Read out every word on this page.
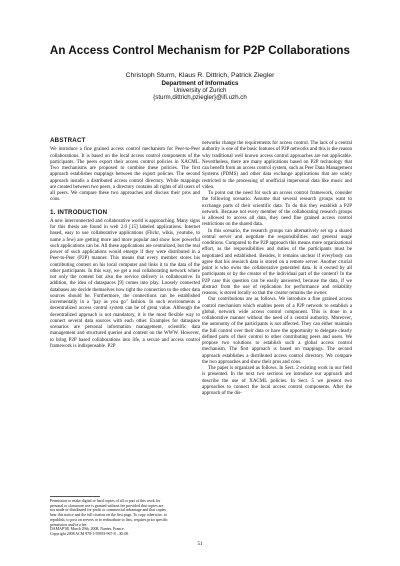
An Access Control Mechanism for P2P Collaborations
Christoph Sturm, Klaus R. Dittrich, Patrick Ziegler
Department of Informatics
University of Zurich
{sturm,dittrich,pziegler}@ifi.uzh.ch
ABSTRACT

We introduce a fine grained access control mechanism for Peer-to-Peer collaborations. It is based on the local access control components of the participants. The peers export their access control policies in XACML. Two mechanisms are proposed to combine these policies. The first approach establishes mappings between the export policies. The second approach installs a distributed access control directory. While mappings are created between two peers, a directory contains all rights of all users of all peers. We compare these two approaches and discuss their pros and cons.

1. INTRODUCTION

A new interconnected and collaborative world is approaching. Many signs for this thesis are found in web 2.0 [15] labeled applications. Internet based, easy to use collaborative applications (Flickr, wikis, youtube, to name a few) are getting more and more popular and show how powerful such applications can be. All these applications are centralized, but the real power of such applications would emerge if they were distributed in a Peer-to-Peer (P2P) manner. This means that every member stores his contributing content on his local computer and links it to the data of the other participants. In this way, we get a real collaborating network where not only the content but also the service delivery is collaborative. In addition, the idea of dataspaces [9] comes into play. Loosely connected databases are decide themselves how tight the connection to the other data sources should be. Furthermore, the connections can be established incrementally in a "pay as you go" fashion. In such environments a decentralized access control system can be of great value. Although the decentralized approach is not mandatory, it is the most flexible way to connect several data sources with each other. Examples for dataspace scenarios are personal information management, scientific data management and structured queries and content on the WWW. However, to bring P2P based collaborations into life, a secure and access control framework is indispensable. P2P

networks change the requirements for access control. The lack of a central authority is one of the basic features of P2P networks and this is the reason why traditional well known access control approaches are not applicable. Nevertheless, there are many applications based on P2P technology that can benefit from an access control system, such as Peer Data Management Systems (PDMS) and other data exchange applications that are solely restricted to the processing of unofficial impersonal data like music and video.

To point out the need for such an access control framework, consider the following scenario. Assume that several research groups want to exchange parts of their scientific data. To do this they establish a P2P network. Because not every member of the collaborating research groups is allowed to access all data, they need fine grained access control restrictions on the shared data.

In this scenario, the research groups can alternatively set up a shared central server and negotiate the responsibilities and general usage conditions. Compared to the P2P approach this means more organizational effort, as the responsibilities and duties of the participants must be negotiated and established. Besides, it remains unclear if everybody can agree that his research data is stored on a remote server. Another crucial point is who owns the collaborative generated data. Is it owned by all participants or by the creator of the individual part of the content? In the P2P case this question can be easily answered, because the data, if we abstract from the use of replication for performance and reliability reasons, is stored locally so that the creator remains the owner.

Our contributions are as follows. We introduce a fine grained access control mechanism which enables peers of a P2P network to establish a global, network wide access control component. This is done in a collaborative manner without the need of a central authority. Moreover, the autonomy of the participants is not affected. They can either maintain the full control over their data or have the opportunity to delegate clearly defined parts of their control to other contributing peers and users. We propose two solutions to establish such a global access control mechanism. The first approach is based on mappings. The second approach establishes a distributed access control directory. We compare the two approaches and show their pros and cons.

The paper is organized as follows. In Sect. 2 existing work in our field is presented. In the next two sections we introduce our approach and describe the use of XACML policies. In Sect. 5 we present two approaches to connect the local access control components. After the approach of the dis-

Permission to make digital or hard copies of all or part of this work for
personal or classroom use is granted without fee provided that copies are
not made or distributed for profit or commercial advantage and that copies
bear this notice and the full citation on the first page. To copy otherwise, to
republish, to post on servers or to redistribute to lists, requires prior specific
permission and/or a fee.
DAMAP'08, March 29th, 2008, Nantes, France.
Copyright 2008 ACM 978-1-59593-967-8 ...$5.00.
51
